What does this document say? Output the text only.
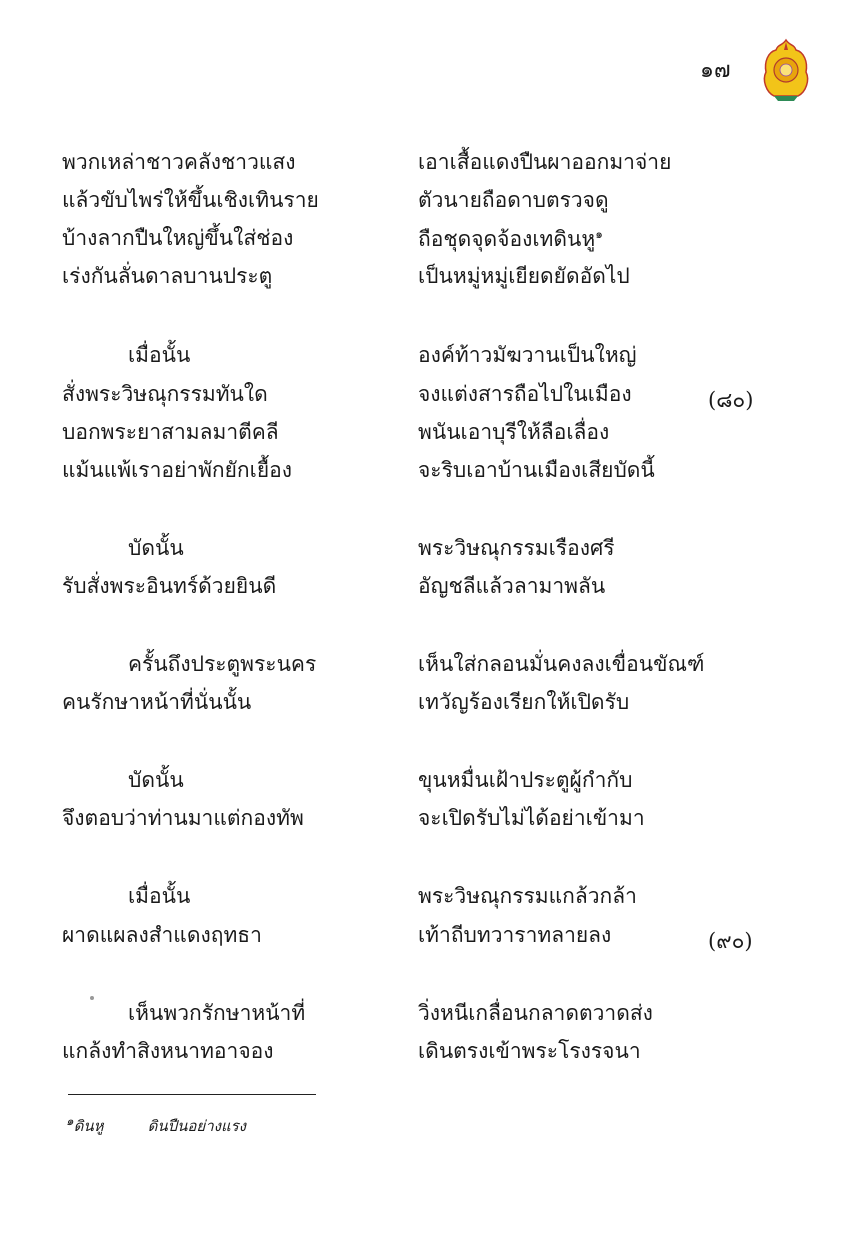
๑๗
พวกเหล่าชาวคลังชาวแสง
แล้วขับไพร่ให้ขึ้นเชิงเทินราย
บ้างลากปืนใหญ่ขึ้นใส่ช่อง
เร่งกันลั่นดาลบานประตู
เอาเสื้อแดงปืนผาออกมาจ่าย
ตัวนายถือดาบตรวจดู
ถือชุดจุดจ้องเทดินหู$^๑$
เป็นหมู่หมู่เยียดยัดอัดไป
เมื่อนั้น
สั่งพระวิษณุกรรมทันใด
บอกพระยาสามลมาตีคลี
แม้นแพ้เราอย่าพักยักเยื้อง
องค์ท้าวมัฆวานเป็นใหญ่
จงแต่งสารถือไปในเมือง
พนันเอาบุรีให้ลือเลื่อง
จะริบเอาบ้านเมืองเสียบัดนี้
(๘๐)
บัดนั้น
รับสั่งพระอินทร์ด้วยยินดี
พระวิษณุกรรมเรืองศรี
อัญชลีแล้วลามาพลัน
ครั้นถึงประตูพระนคร
คนรักษาหน้าที่นั่นนั้น
เห็นใส่กลอนมั่นคงลงเขื่อนขัณฑ์
เทวัญร้องเรียกให้เปิดรับ
บัดนั้น
จึงตอบว่าท่านมาแต่กองทัพ
ขุนหมื่นเฝ้าประตูผู้กำกับ
จะเปิดรับไม่ได้อย่าเข้ามา
เมื่อนั้น
ผาดแผลงสำแดงฤทธา
พระวิษณุกรรมแกล้วกล้า
เท้าถีบทวาราทลายลง	(๙๐)
เห็นพวกรักษาหน้าที่
แกล้งทำสิงหนาทอาจอง
วิ่งหนีเกลื่อนกลาดตวาดส่ง
เดินตรงเข้าพระโรงรจนา
$^๑$ดินหู	ดินปืนอย่างแรง
